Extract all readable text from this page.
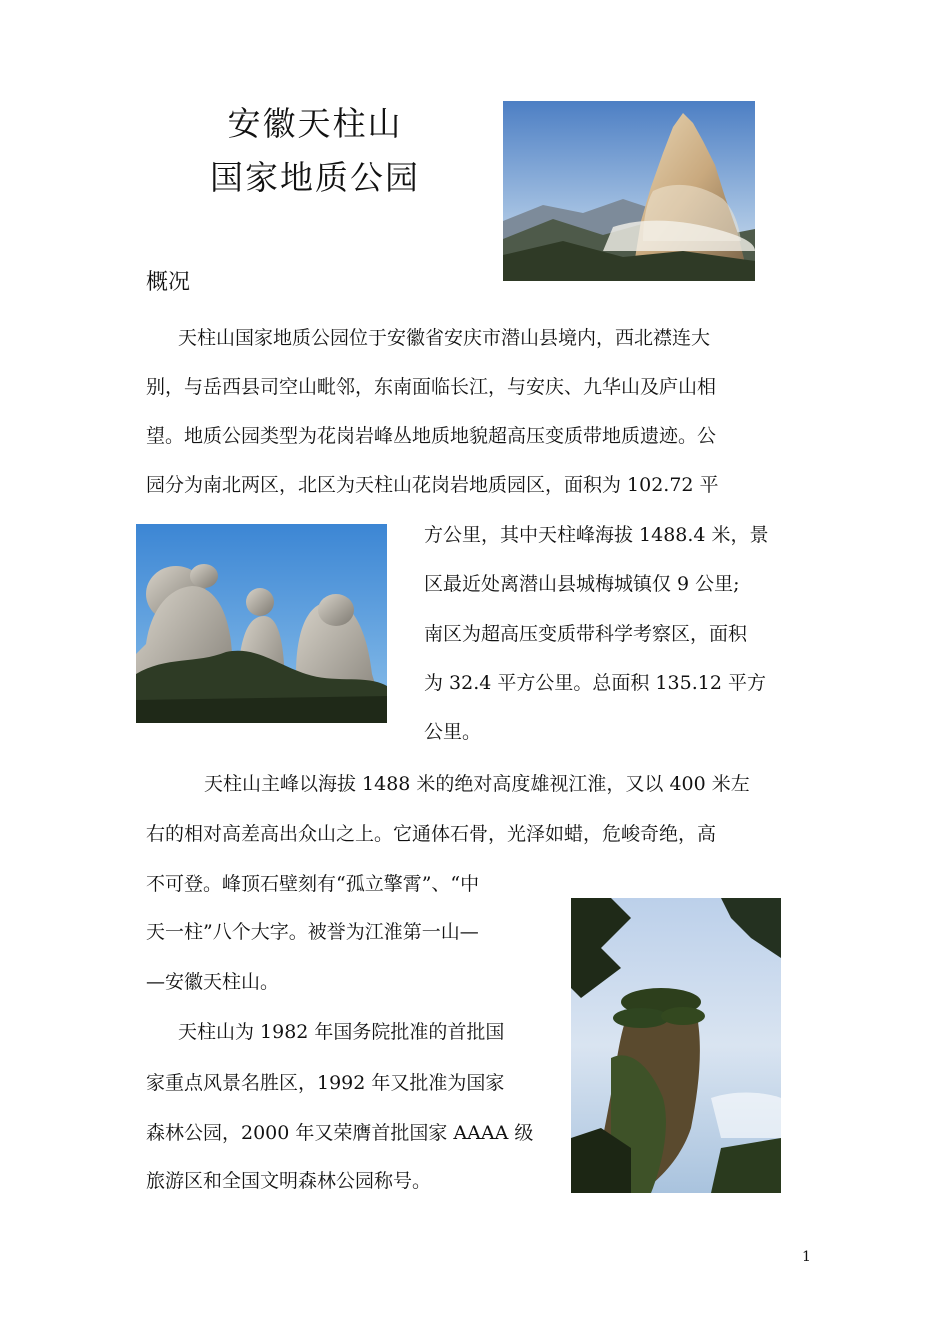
安徽天柱山
国家地质公园
概况
天柱山国家地质公园位于安徽省安庆市潜山县境内，西北襟连大
别，与岳西县司空山毗邻，东南面临长江，与安庆、九华山及庐山相
望。地质公园类型为花岗岩峰丛地质地貌超高压变质带地质遗迹。公
园分为南北两区，北区为天柱山花岗岩地质园区，面积为 102.72 平
方公里，其中天柱峰海拔 1488.4 米，景
区最近处离潜山县城梅城镇仅 9 公里;
南区为超高压变质带科学考察区，面积
为 32.4 平方公里。总面积 135.12 平方
公里。
天柱山主峰以海拔 1488 米的绝对高度雄视江淮，又以 400 米左
右的相对高差高出众山之上。它通体石骨，光泽如蜡，危峻奇绝，高
不可登。峰顶石壁刻有“孤立擎霄”、“中
天一柱”八个大字。被誉为江淮第一山—
—安徽天柱山。
天柱山为 1982 年国务院批准的首批国
家重点风景名胜区，1992 年又批准为国家
森林公园，2000 年又荣膺首批国家 AAAA 级
旅游区和全国文明森林公园称号。
1
